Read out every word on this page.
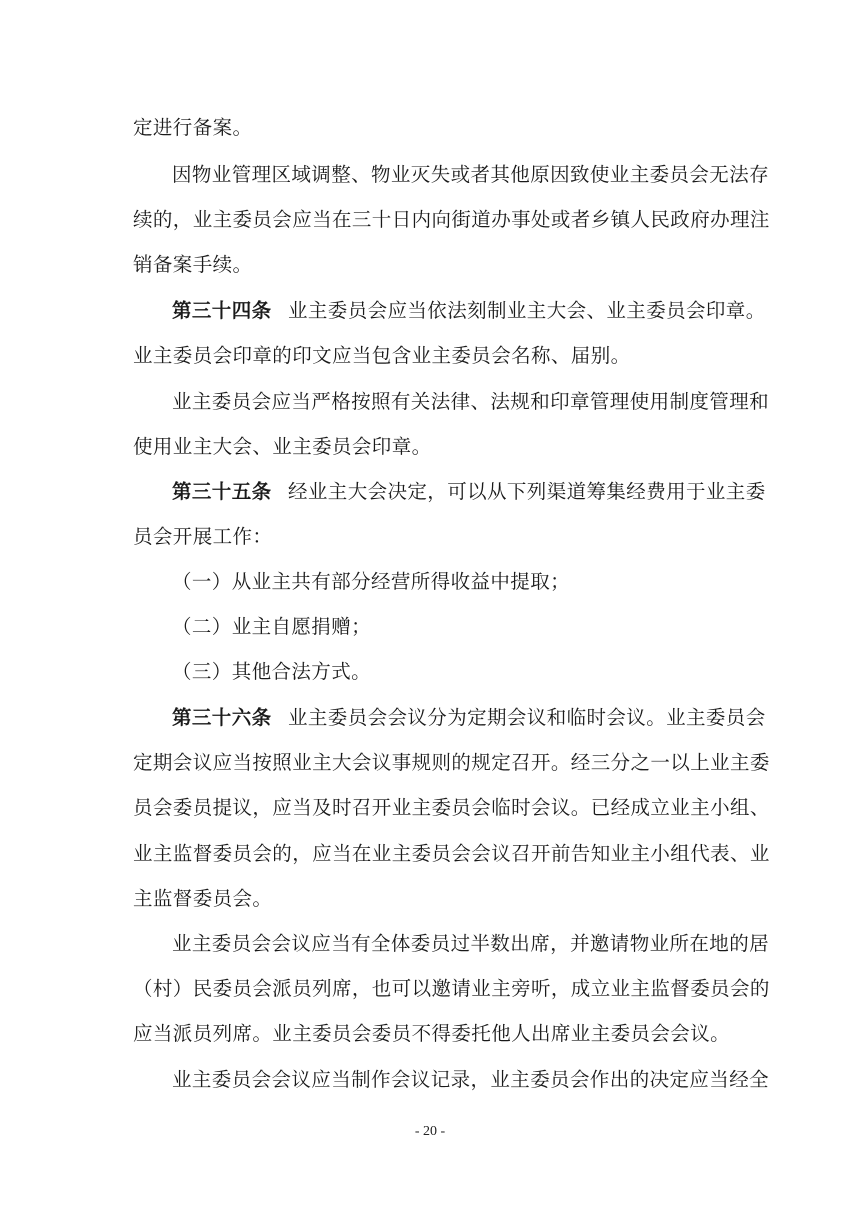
定进行备案。
因物业管理区域调整、物业灭失或者其他原因致使业主委员会无法存
续的，业主委员会应当在三十日内向街道办事处或者乡镇人民政府办理注
销备案手续。
第三十四条 业主委员会应当依法刻制业主大会、业主委员会印章。
业主委员会印章的印文应当包含业主委员会名称、届别。
业主委员会应当严格按照有关法律、法规和印章管理使用制度管理和
使用业主大会、业主委员会印章。
第三十五条 经业主大会决定，可以从下列渠道筹集经费用于业主委
员会开展工作：
（一）从业主共有部分经营所得收益中提取；
（二）业主自愿捐赠；
（三）其他合法方式。
第三十六条 业主委员会会议分为定期会议和临时会议。业主委员会
定期会议应当按照业主大会议事规则的规定召开。经三分之一以上业主委
员会委员提议，应当及时召开业主委员会临时会议。已经成立业主小组、
业主监督委员会的，应当在业主委员会会议召开前告知业主小组代表、业
主监督委员会。
业主委员会会议应当有全体委员过半数出席，并邀请物业所在地的居
（村）民委员会派员列席，也可以邀请业主旁听，成立业主监督委员会的
应当派员列席。业主委员会委员不得委托他人出席业主委员会会议。
业主委员会会议应当制作会议记录，业主委员会作出的决定应当经全
- 20 -
